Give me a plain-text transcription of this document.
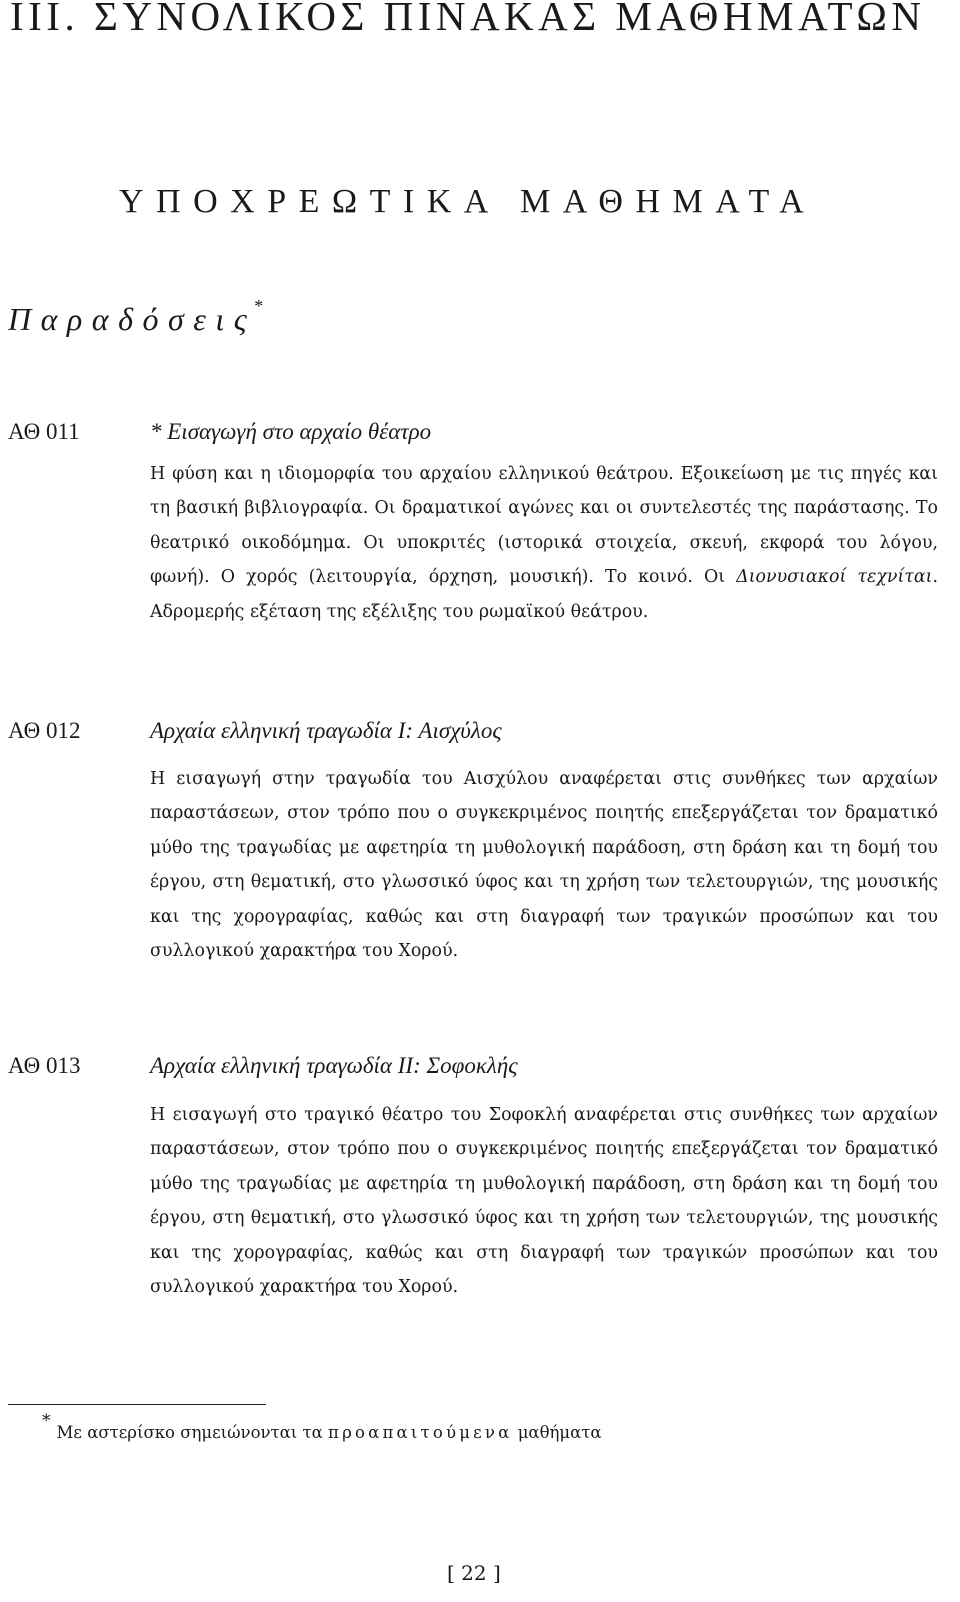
III. ΣΥΝΟΛΙΚΟΣ ΠΙΝΑΚΑΣ ΜΑΘΗΜΑΤΩΝ
ΥΠΟΧΡΕΩΤΙΚΑ ΜΑΘΗΜΑΤΑ
Παραδόσεις*
ΑΘ 011	* Εισαγωγή στο αρχαίο θέατρο

Η φύση και η ιδιομορφία του αρχαίου ελληνικού θεάτρου. Εξοικείωση με τις πηγές και τη βασική βιβλιογραφία. Οι δραματικοί αγώνες και οι συντελεστές της παράστασης. Το θεατρικό οικοδόμημα. Οι υποκριτές (ιστορικά στοιχεία, σκευή, εκφορά του λόγου, φωνή). Ο χορός (λειτουργία, όρχηση, μουσική). Το κοινό. Οι Διονυσιακοί τεχνίται. Αδρομερής εξέταση της εξέλιξης του ρωμαϊκού θεάτρου.

ΑΘ 012	Αρχαία ελληνική τραγωδία Ι: Αισχύλος

Η εισαγωγή στην τραγωδία του Αισχύλου αναφέρεται στις συνθήκες των αρχαίων παραστάσεων, στον τρόπο που ο συγκεκριμένος ποιητής επεξεργάζεται τον δραματικό μύθο της τραγωδίας με αφετηρία τη μυθολογική παράδοση, στη δράση και τη δομή του έργου, στη θεματική, στο γλωσσικό ύφος και τη χρήση των τελετουργιών, της μουσικής και της χορογραφίας, καθώς και στη διαγραφή των τραγικών προσώπων και του συλλογικού χαρακτήρα του Χορού.

ΑΘ 013	Αρχαία ελληνική τραγωδία ΙΙ: Σοφοκλής

Η εισαγωγή στο τραγικό θέατρο του Σοφοκλή αναφέρεται στις συνθήκες των αρχαίων παραστάσεων, στον τρόπο που ο συγκεκριμένος ποιητής επεξεργάζεται τον δραματικό μύθο της τραγωδίας με αφετηρία τη μυθολογική παράδοση, στη δράση και τη δομή του έργου, στη θεματική, στο γλωσσικό ύφος και τη χρήση των τελετουργιών, της μουσικής και της χορογραφίας, καθώς και στη διαγραφή των τραγικών προσώπων και του συλλογικού χαρακτήρα του Χορού.

*Με αστερίσκο σημειώνονται τα προαπαιτούμενα μαθήματα
[ 22 ]
